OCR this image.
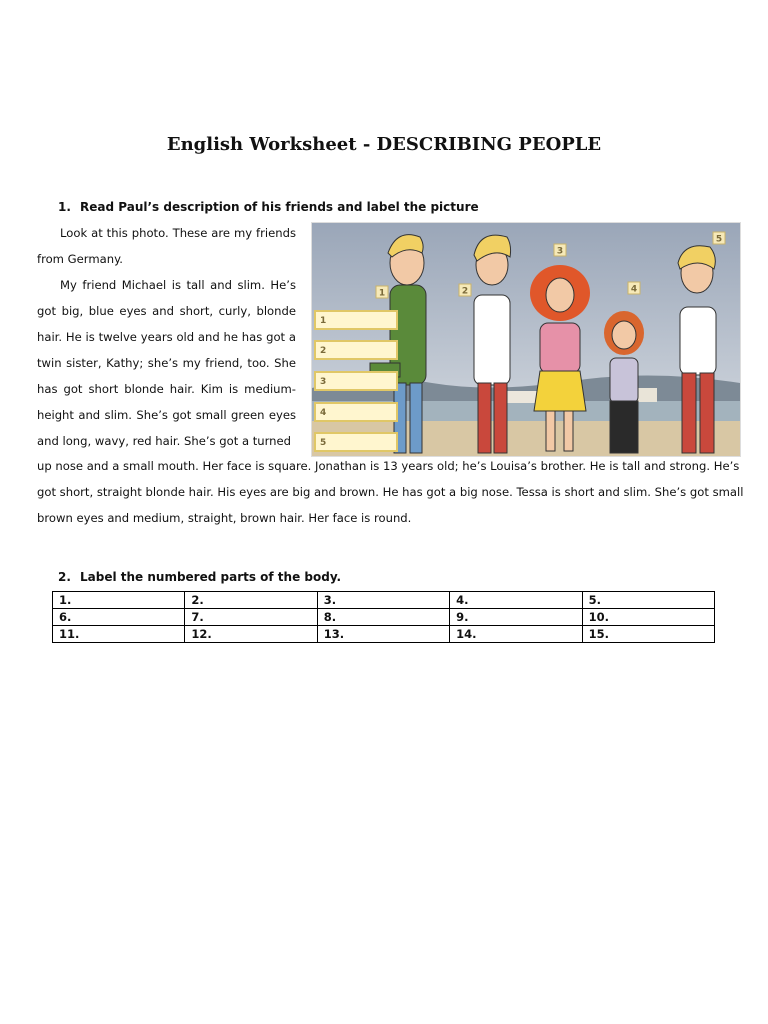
English Worksheet - DESCRIBING PEOPLE
1. Read Paul’s description of his friends and label the picture

Look at this photo. These are my friends from Germany.

My friend Michael is tall and slim. He’s got big, blue eyes and short, curly, blonde hair. He is twelve years old and he has got a twin sister, Kathy; she’s my friend, too. She has got short blonde hair. Kim is medium-height and slim. She’s got small green eyes and long, wavy, red hair. She’s got a turned

1	2
3
4
5
1
2
3
4
5
up nose and a small mouth. Her face is square. Jonathan is 13 years old; he’s Louisa’s brother. He is tall and strong. He’s
got short, straight blonde hair. His eyes are big and brown. He has got a big nose. Tessa is short and slim. She’s got small
brown eyes and medium, straight, brown hair. Her face is round.
2. Label the numbered parts of the body.
1.	2.	3.	4.	5.
6.	7.	8.	9.	10.
11.	12.	13.	14.	15.
